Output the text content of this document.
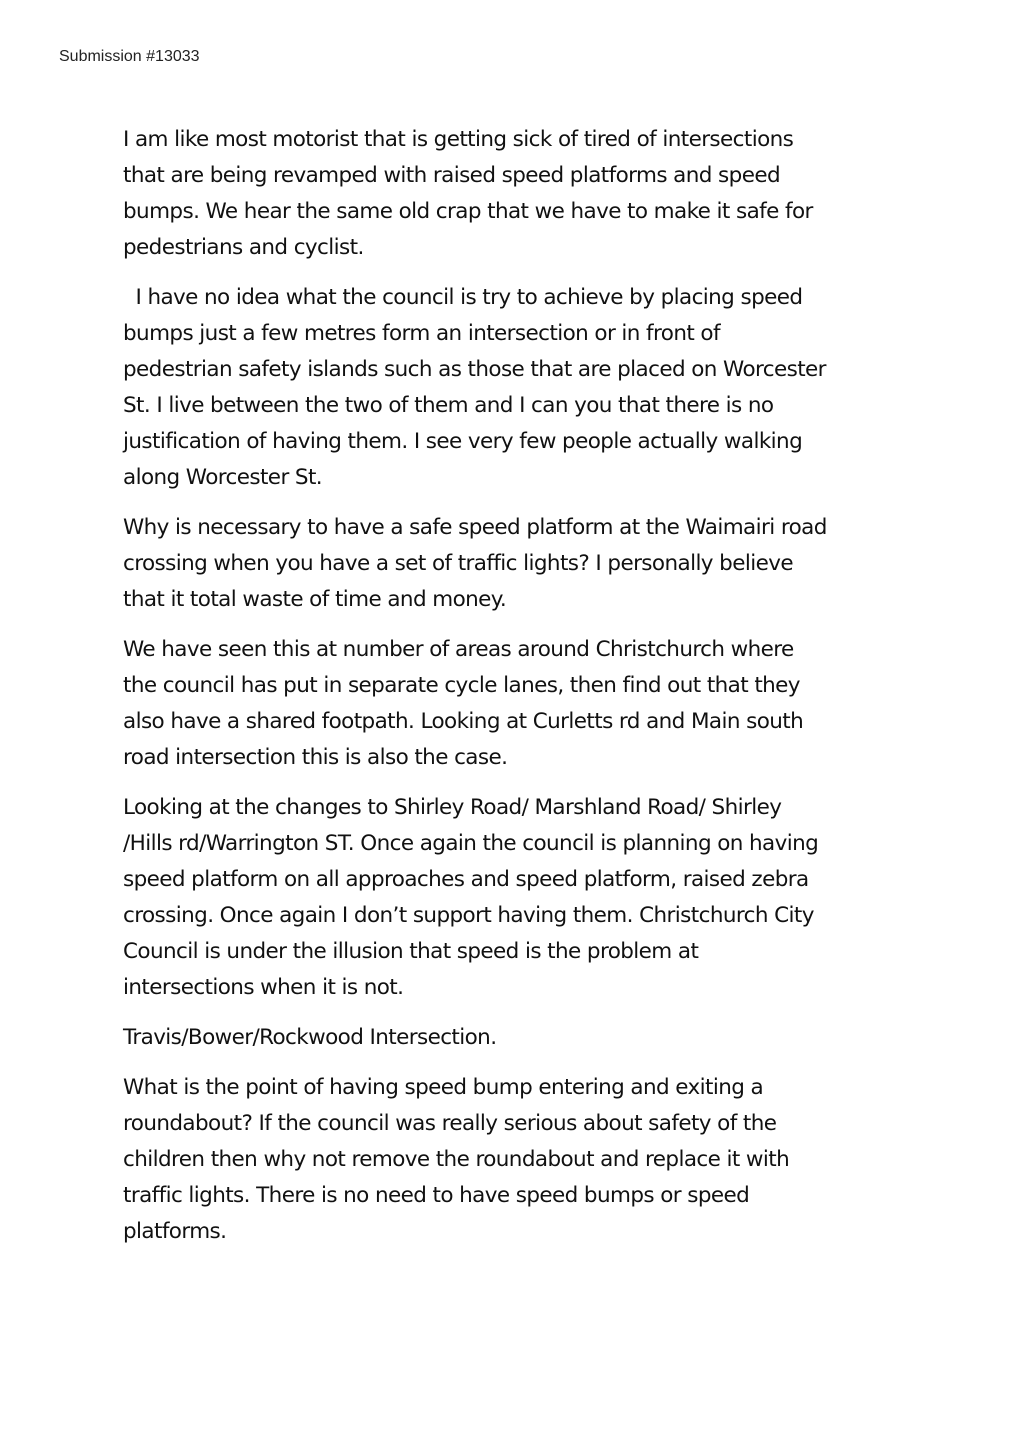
Submission #13033

I am like most motorist that is getting sick of tired of intersections
that are being revamped with raised speed platforms and speed
bumps. We hear the same old crap that we have to make it safe for
pedestrians and cyclist.

I have no idea what the council is try to achieve by placing speed
bumps just a few metres form an intersection or in front of
pedestrian safety islands such as those that are placed on Worcester
St. I live between the two of them and I can you that there is no
justification of having them. I see very few people actually walking
along Worcester St.

Why is necessary to have a safe speed platform at the Waimairi road
crossing when you have a set of traffic lights? I personally believe
that it total waste of time and money.

We have seen this at number of areas around Christchurch where
the council has put in separate cycle lanes, then find out that they
also have a shared footpath. Looking at Curletts rd and Main south
road intersection this is also the case.

Looking at the changes to Shirley Road/ Marshland Road/ Shirley
/Hills rd/Warrington ST. Once again the council is planning on having
speed platform on all approaches and speed platform, raised zebra
crossing. Once again I don’t support having them. Christchurch City
Council is under the illusion that speed is the problem at
intersections when it is not.

Travis/Bower/Rockwood Intersection.

What is the point of having speed bump entering and exiting a
roundabout? If the council was really serious about safety of the
children then why not remove the roundabout and replace it with
traffic lights. There is no need to have speed bumps or speed
platforms.
